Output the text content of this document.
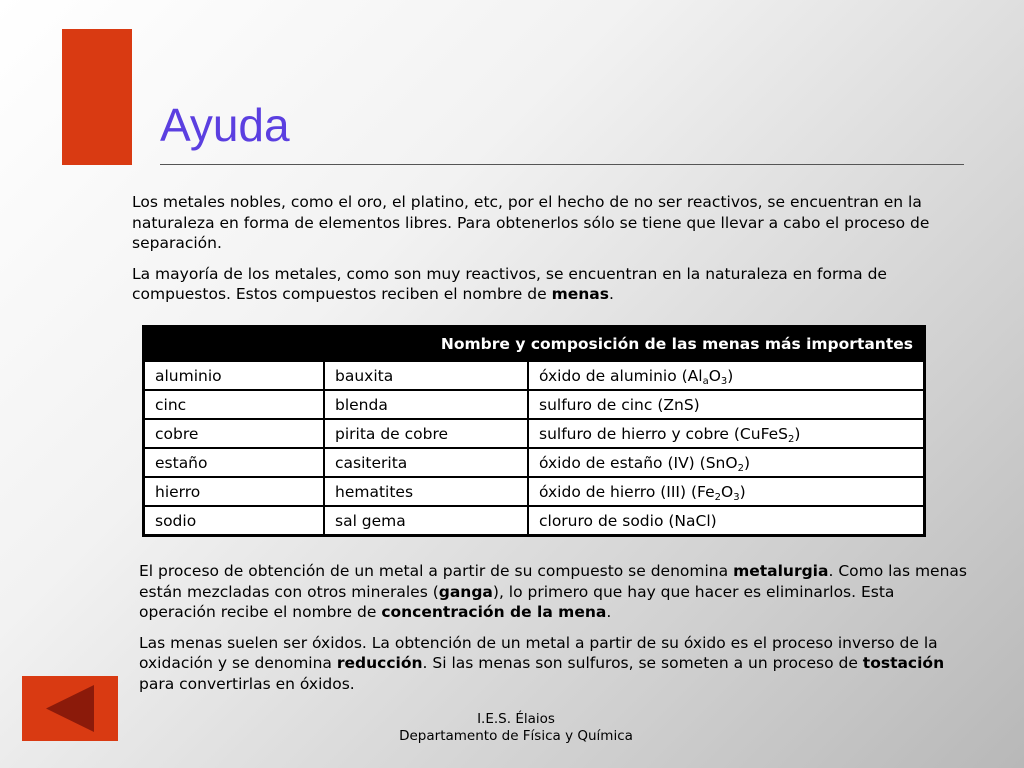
Ayuda

Los metales nobles, como el oro, el platino, etc, por el hecho de no ser reactivos, se encuentran en la naturaleza en forma de elementos libres. Para obtenerlos sólo se tiene que llevar a cabo el proceso de separación.

La mayoría de los metales, como son muy reactivos, se encuentran en la naturaleza en forma de compuestos. Estos compuestos reciben el nombre de menas.

Nombre y composición de las menas más importantes		
aluminio	bauxita	óxido de aluminio $(Al_aO_3)$
cinc	blenda	sulfuro de cinc (ZnS)
cobre	pirita de cobre	sulfuro de hierro y cobre (CuFeS$_2$)
estaño	casiterita	óxido de estaño (IV) (SnO$_2$)
hierro	hematites	óxido de hierro (III) $(Fe_2O_3)$
sodio	sal gema	cloruro de sodio (NaCl)

El proceso de obtención de un metal a partir de su compuesto se denomina metalurgia. Como las menas están mezcladas con otros minerales (ganga), lo primero que hay que hacer es eliminarlos. Esta operación recibe el nombre de concentración de la mena.

Las menas suelen ser óxidos. La obtención de un metal a partir de su óxido es el proceso inverso de la oxidación y se denomina reducción. Si las menas son sulfuros, se someten a un proceso de tostación para convertirlas en óxidos.

I.E.S. Élaios
Departamento de Física y Química
